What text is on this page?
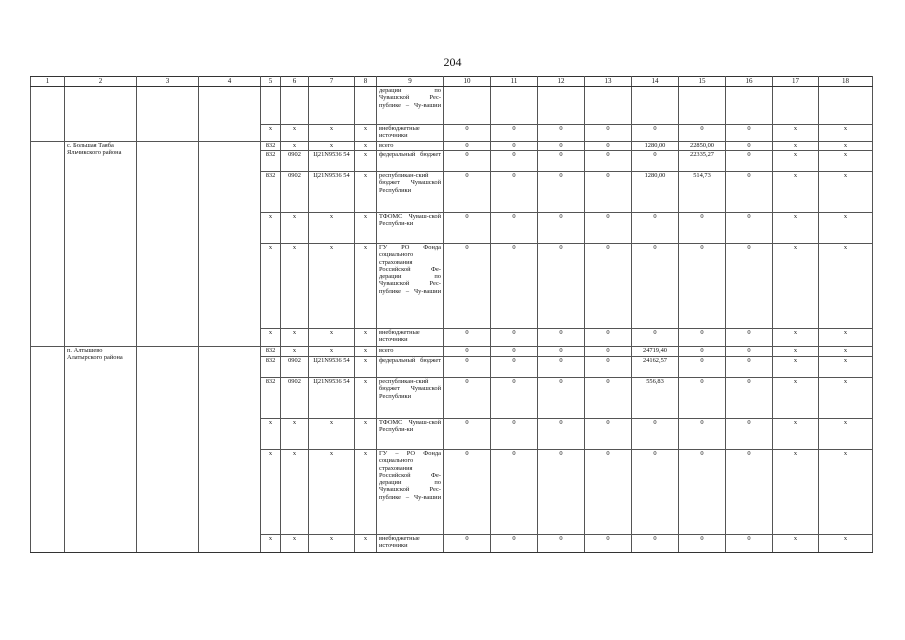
204
1	2	3	4	5	6	7	8	9	10	11	12	13	14	15	16	17	18
								дерации по Чувашской Рес-публике – Чу-вашии									
				x	x	x	x	внебюджетные источники	0	0	0	0	0	0	0	x	x
	с. Большая Таяба Яльчикского района			832	x	x	x	всего	0	0	0	0	1280,00	22850,00	0	x	x
				832	0902	Ц21N9536 54	x	федеральный бюджет	0	0	0	0	0	22335,27	0	x	x
				832	0902	Ц21N9536 54	x	республикан-ский бюджет Чувашской Республики	0	0	0	0	1280,00	514,73	0	x	x
				x	x	x	x	ТФОМС Чуваш-ской Республи-ки	0	0	0	0	0	0	0	x	x
				x	x	x	x	ГУ РО Фонда социального страхования Российской Фе-дерации по Чувашской Рес-публике – Чу-вашии	0	0	0	0	0	0	0	x	x
				x	x	x	x	внебюджетные источники	0	0	0	0	0	0	0	x	x
	п. Алтышево Алатырского района			832	x	x	x	всего	0	0	0	0	24719,40	0	0	x	x
				832	0902	Ц21N9536 54	x	федеральный бюджет	0	0	0	0	24162,57	0	0	x	x
				832	0902	Ц21N9536 54	x	республикан-ский бюджет Чувашской Республики	0	0	0	0	556,83	0	0	x	x
				x	x	x	x	ТФОМС Чуваш-ской Республи-ки	0	0	0	0	0	0	0	x	x
				x	x	x	x	ГУ – РО Фонда социального страхования Российской Фе-дерации по Чувашской Рес-публике – Чу-вашии	0	0	0	0	0	0	0	x	x
				x	x	x	x	внебюджетные источники	0	0	0	0	0	0	0	x	x
